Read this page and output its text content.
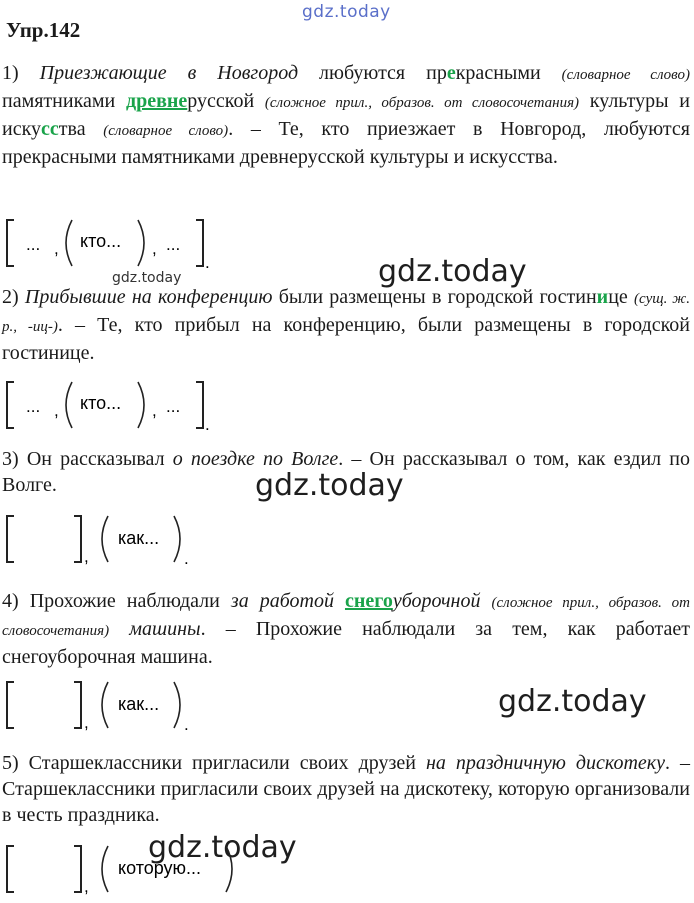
gdz.today
Упр.142

1) Приезжающие в Новгород любуются прекрасными (словарное слово) памятниками древнерусской (сложное прил., образов. от словосочетания) культуры и искусства (словарное слово). – Те, кто приезжает в Новгород, любуются прекрасными памятниками древнерусской культуры и искусства.

... , кто... , ...
.
gdz.today	gdz.today

2) Прибывшие на конференцию были размещены в городской гостинице (сущ. ж. р., -иц-). – Те, кто прибыл на конференцию, были размещены в городской гостинице.

... , кто... , ...
.

3) Он рассказывал о поездке по Волге. – Он рассказывал о том, как ездил по Волге.	gdz.today
,
как...
.

4) Прохожие наблюдали за работой снегоуборочной (сложное прил., образов. от словосочетания) машины. – Прохожие наблюдали за тем, как работает снегоуборочная машина.

,
как...
.
gdz.today

5) Старшеклассники пригласили своих друзей на праздничную дискотеку. – Старшеклассники пригласили своих друзей на дискотеку, которую организовали в честь праздника.

gdz.today
,
которую...
